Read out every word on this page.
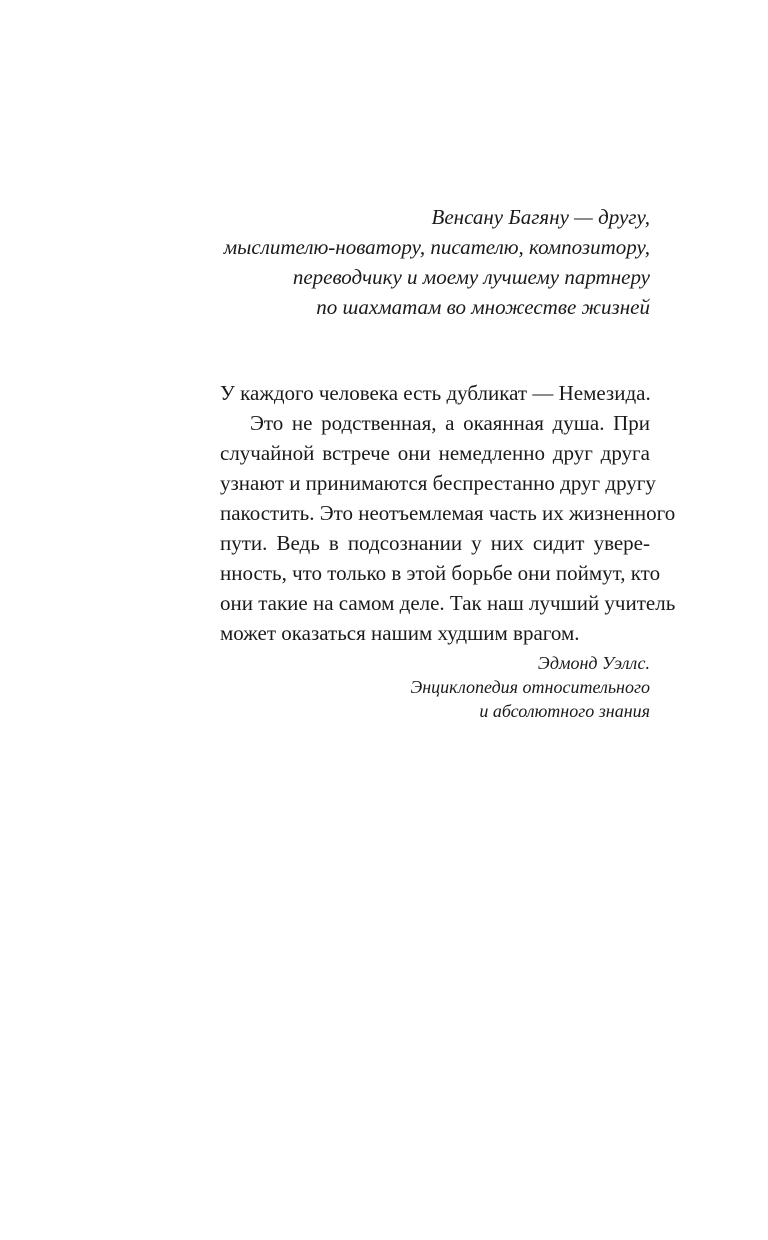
Венсану Багяну — другу,
мыслителю-новатору, писателю, композитору,
переводчику и моему лучшему партнеру
по шахматам во множестве жизней
У каждого человека есть дубликат — Немезида.
Это не родственная, а окаянная душа. При
случайной встрече они немедленно друг друга
узнают и принимаются беспрестанно друг другу
пакостить. Это неотъемлемая часть их жизненного
пути. Ведь в подсознании у них сидит увере-
нность, что только в этой борьбе они поймут, кто
они такие на самом деле. Так наш лучший учитель
может оказаться нашим худшим врагом.
Эдмонд Уэллс.
Энциклопедия относительного
и абсолютного знания
